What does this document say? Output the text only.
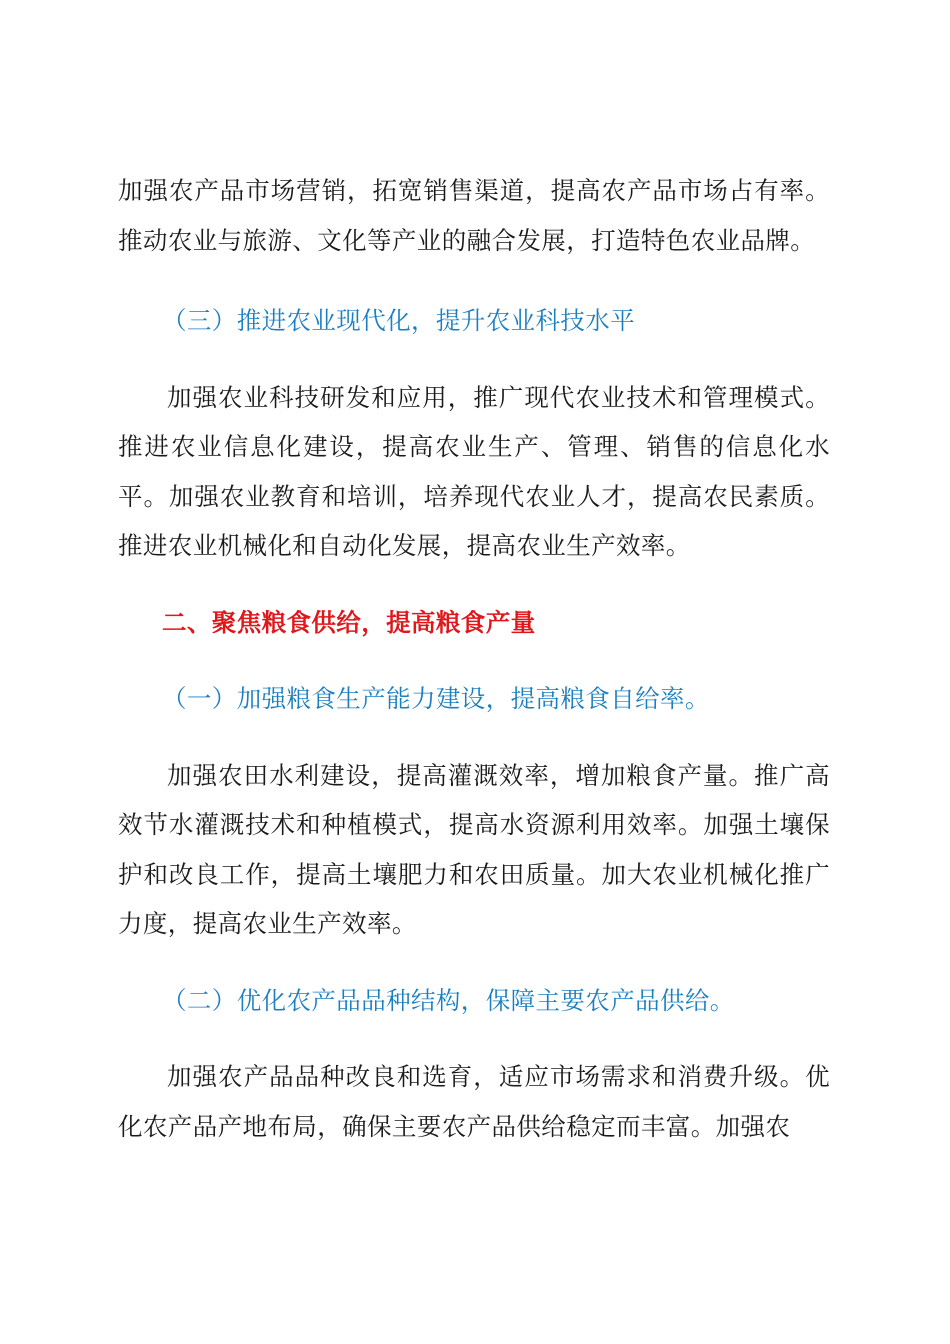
加强农产品市场营销，拓宽销售渠道，提高农产品市场占有率。推动农业与旅游、文化等产业的融合发展，打造特色农业品牌。

（三）推进农业现代化，提升农业科技水平

加强农业科技研发和应用，推广现代农业技术和管理模式。推进农业信息化建设，提高农业生产、管理、销售的信息化水平。加强农业教育和培训，培养现代农业人才，提高农民素质。推进农业机械化和自动化发展，提高农业生产效率。

二、聚焦粮食供给，提高粮食产量

（一）加强粮食生产能力建设，提高粮食自给率。

加强农田水利建设，提高灌溉效率，增加粮食产量。推广高效节水灌溉技术和种植模式，提高水资源利用效率。加强土壤保护和改良工作，提高土壤肥力和农田质量。加大农业机械化推广力度，提高农业生产效率。

（二）优化农产品品种结构，保障主要农产品供给。

加强农产品品种改良和选育，适应市场需求和消费升级。优化农产品产地布局，确保主要农产品供给稳定而丰富。加强农
